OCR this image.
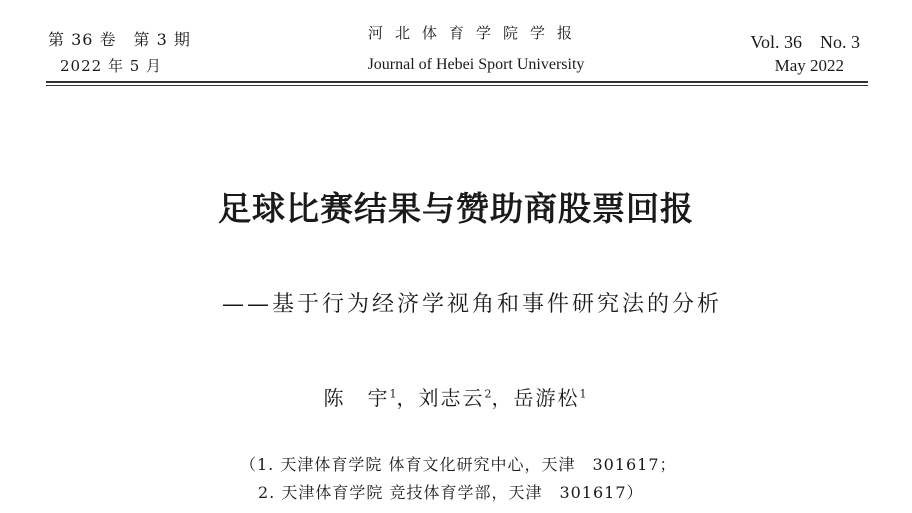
第 36 卷　第 3 期
2022 年 5 月
河北体育学院学报
Journal of Hebei Sport University
Vol. 36　No. 3
May 2022
足球比赛结果与赞助商股票回报
——基于行为经济学视角和事件研究法的分析
陈　宇$^1$，刘志云$^2$，岳游松$^1$
（1. 天津体育学院 体育文化研究中心，天津　301617；
2. 天津体育学院 竞技体育学部，天津　301617）
